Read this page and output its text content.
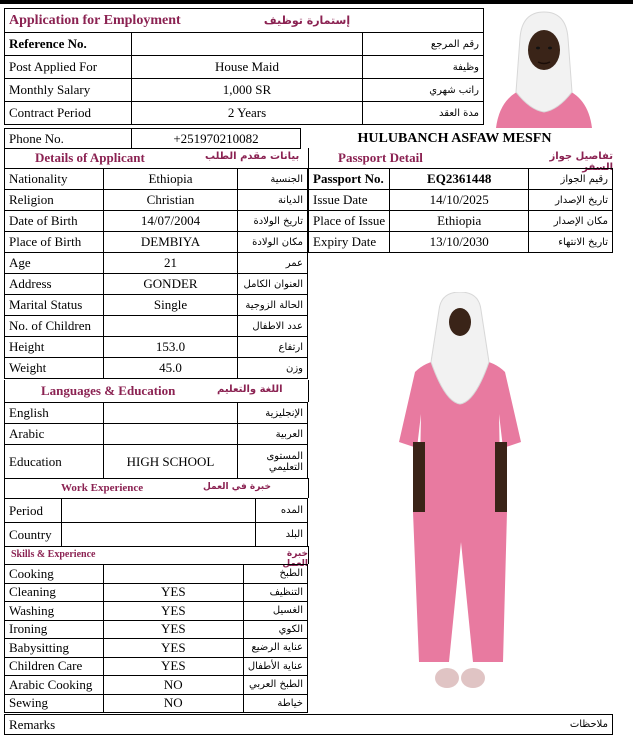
Application for Employment إستمارة توظيف		
Reference No.		رقم المرجع
Post Applied For	House Maid	وظيفة
Monthly Salary	1,000 SR	راتب شهري
Contract Period	2 Years	مدة العقد
Phone No.	+251970210082	HULUBANCH ASFAW MESFN
Details of Applicant	بيانات مقدم الطلب
Nationality	Ethiopia	الجنسية
Religion	Christian	الديانة
Date of Birth	14/07/2004	تاريخ الولادة
Place of Birth	DEMBIYA	مكان الولادة
Age	21	عمر
Address	GONDER	العنوان الكامل
Marital Status	Single	الحالة الزوجية
No. of Children		عدد الاطفال
Height	153.0	ارتفاع
Weight	45.0	وزن
Passport Detail	تفاصيل جواز السفر
Passport No.	EQ2361448	رقيم الجواز
Issue Date	14/10/2025	تاريخ الإصدار
Place of Issue	Ethiopia	مكان الإصدار
Expiry Date	13/10/2030	تاريخ الانتهاء
Languages & Education	اللغة والتعليم
English		الإنجليزية
Arabic		العربية
Education	HIGH SCHOOL	المستوى التعليمي
Work Experience	خبرة في العمل
Period		المده
Country		البلد
Skills & Experience	خبرة العمل
Cooking		الطبخ
Cleaning	YES	التنظيف
Washing	YES	الغسيل
Ironing	YES	الكوي
Babysitting	YES	عناية الرضيع
Children Care	YES	عناية الأطفال
Arabic Cooking	NO	الطبخ العربي
Sewing	NO	خياطة
Remarks	ملاحظات
